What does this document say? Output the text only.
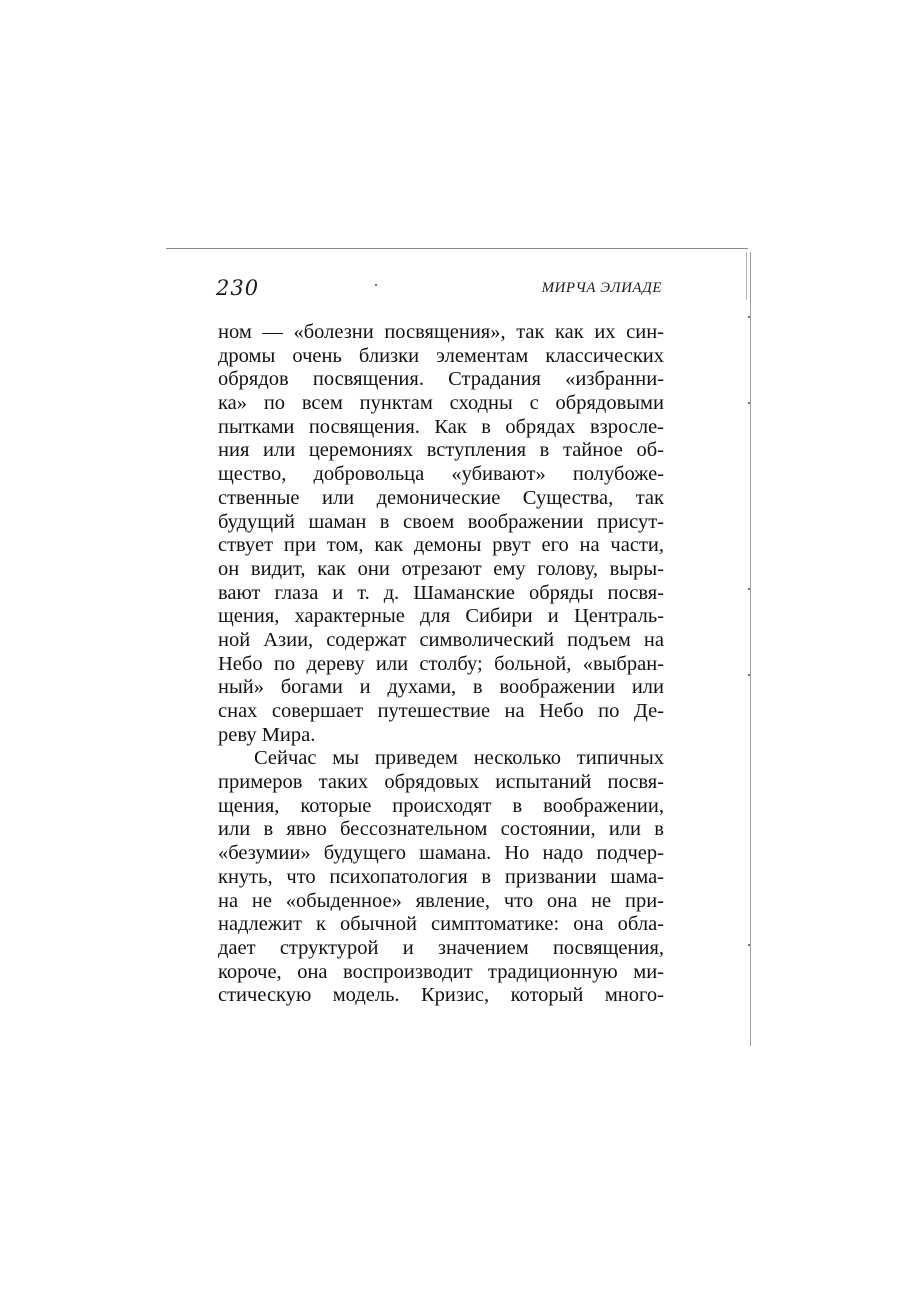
230	МИРЧА ЭЛИАДЕ
ном — «болезни посвящения», так как их син-
дромы очень близки элементам классических
обрядов посвящения. Страдания «избранни-
ка» по всем пунктам сходны с обрядовыми
пытками посвящения. Как в обрядах взросле-
ния или церемониях вступления в тайное об-
щество, добровольца «убивают» полубоже-
ственные или демонические Существа, так
будущий шаман в своем воображении присут-
ствует при том, как демоны рвут его на части,
он видит, как они отрезают ему голову, выры-
вают глаза и т. д. Шаманские обряды посвя-
щения, характерные для Сибири и Централь-
ной Азии, содержат символический подъем на
Небо по дереву или столбу; больной, «выбран-
ный» богами и духами, в воображении или
снах совершает путешествие на Небо по Де-
реву Мира.
Сейчас мы приведем несколько типичных
примеров таких обрядовых испытаний посвя-
щения, которые происходят в воображении,
или в явно бессознательном состоянии, или в
«безумии» будущего шамана. Но надо подчер-
кнуть, что психопатология в призвании шама-
на не «обыденное» явление, что она не при-
надлежит к обычной симптоматике: она обла-
дает структурой и значением посвящения,
короче, она воспроизводит традиционную ми-
стическую модель. Кризис, который много-
